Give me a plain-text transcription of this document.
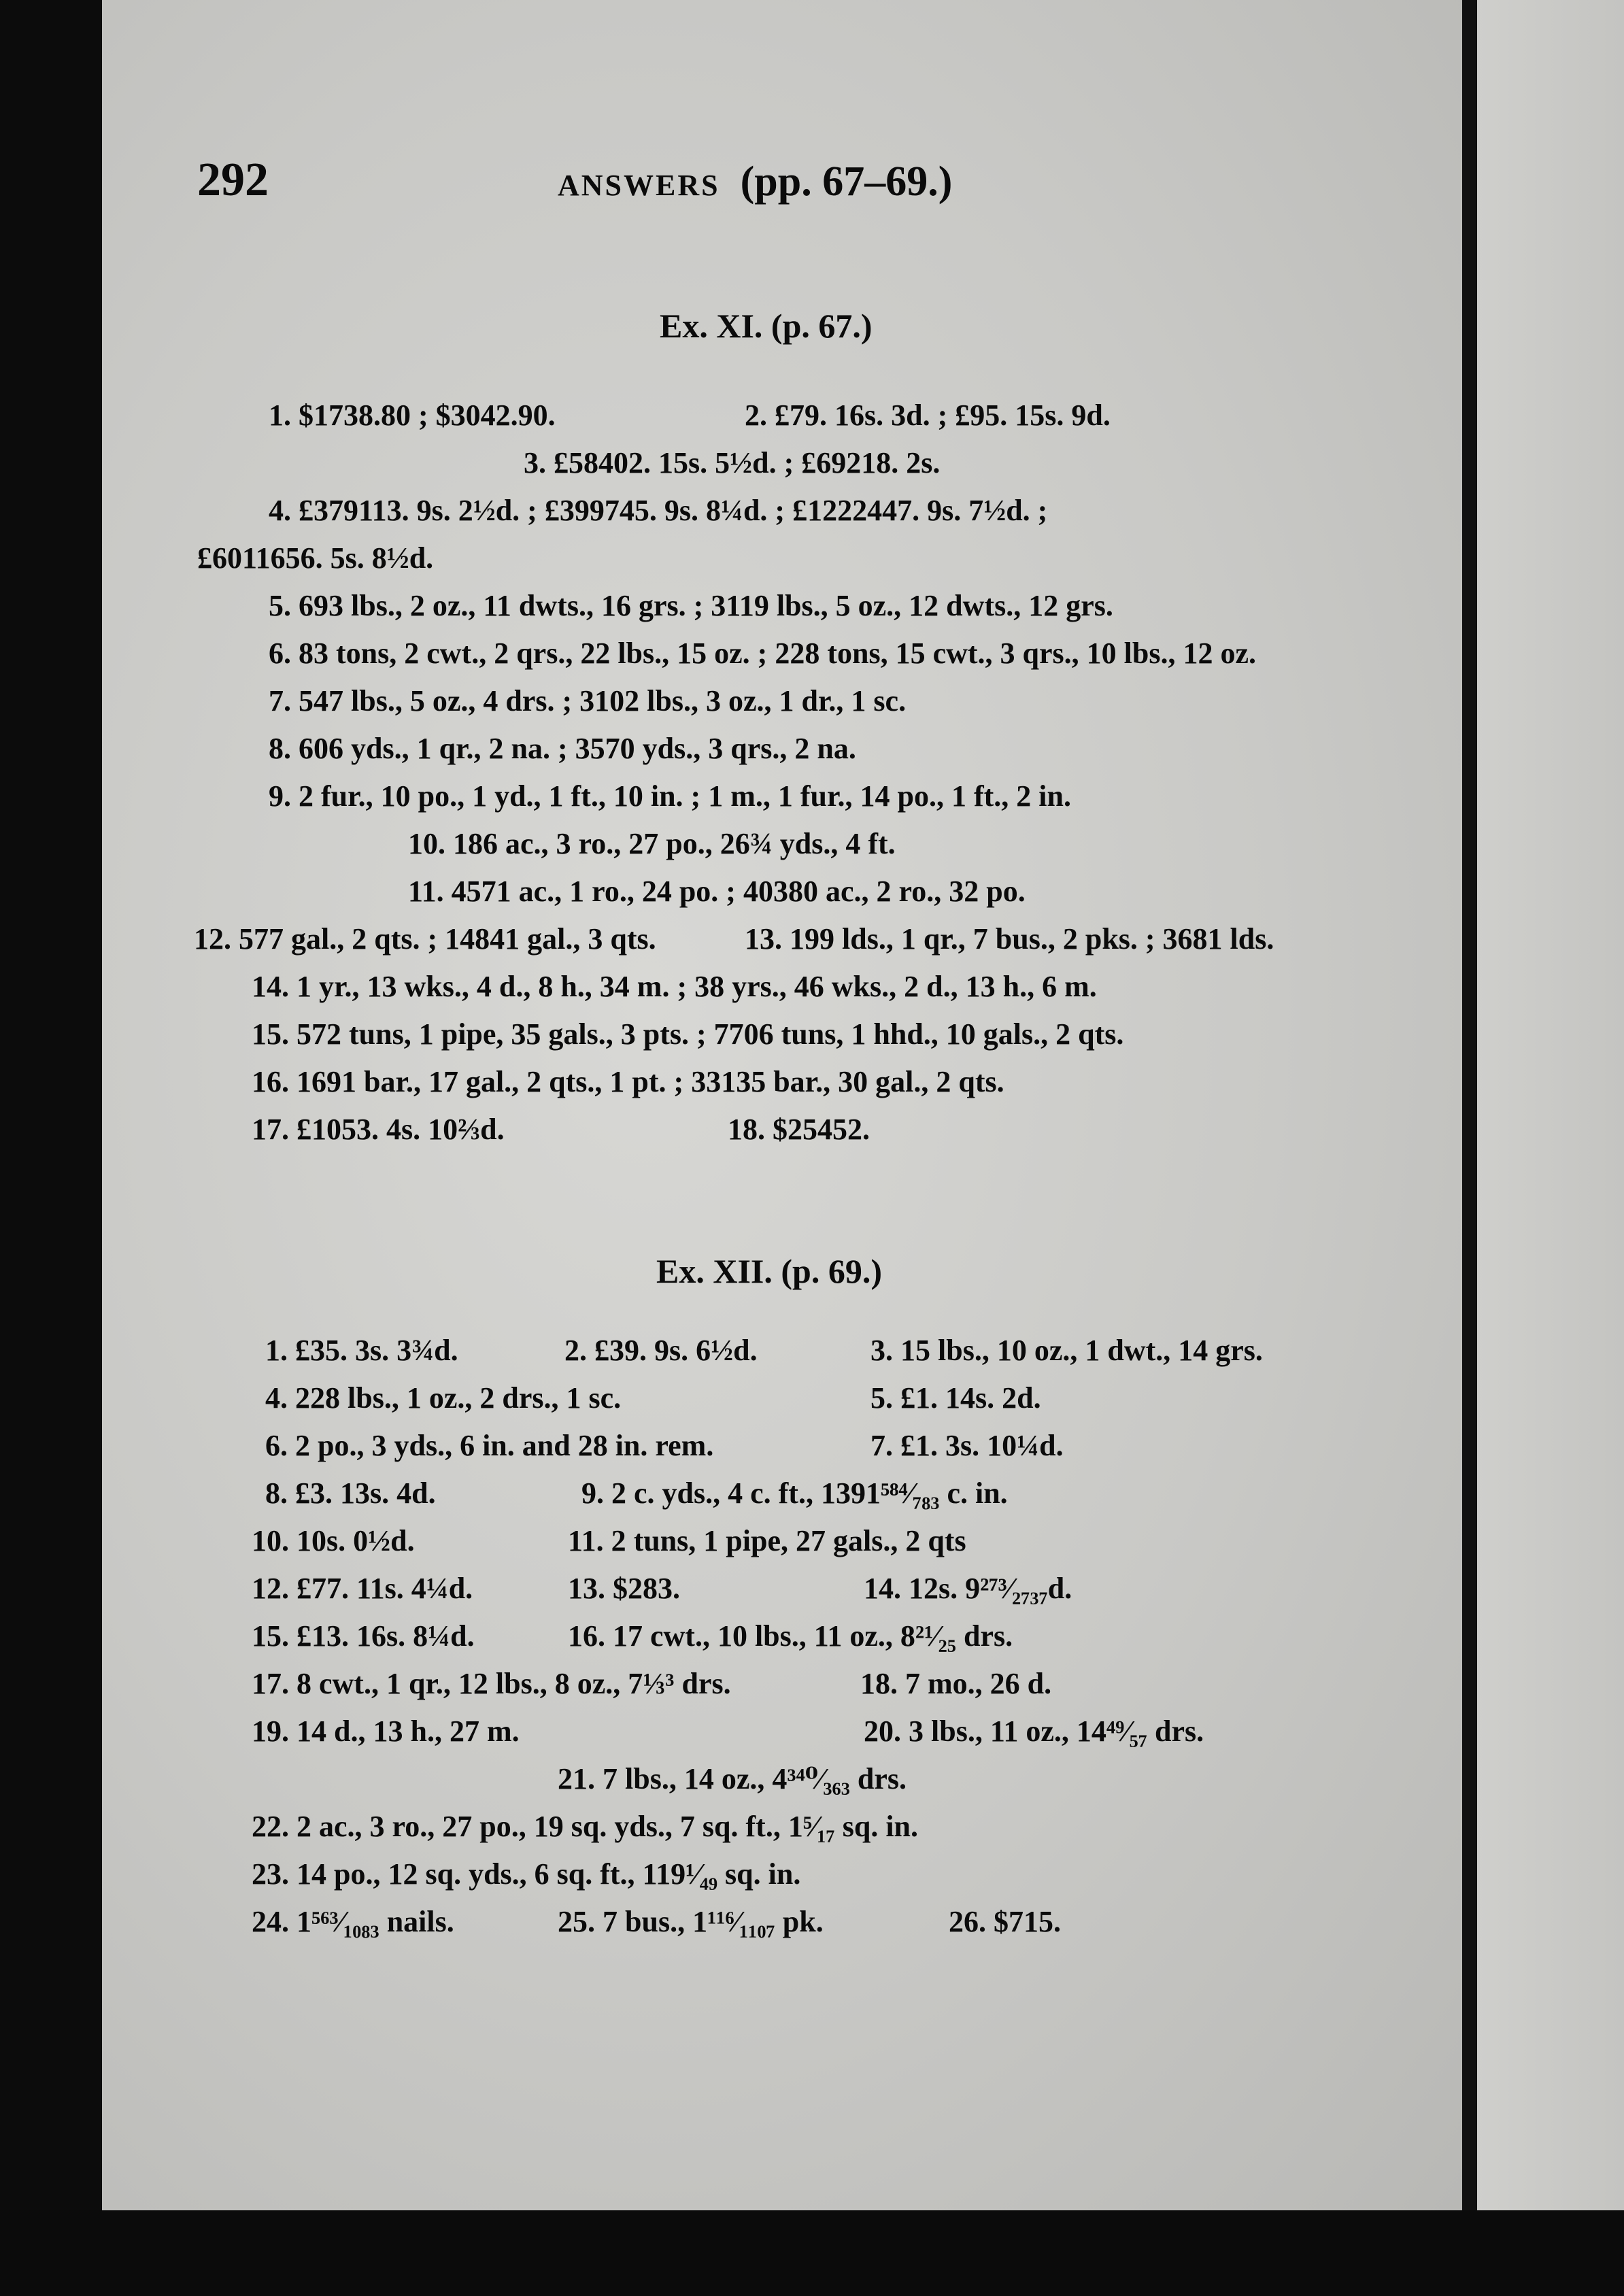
292	ANSWERS (pp. 67–69.)
Ex. XI. (p. 67.)
1. $1738.80 ; $3042.90.	2. £79. 16s. 3d. ; £95. 15s. 9d.
3. £58402. 15s. 5½d. ; £69218. 2s.
4. £379113. 9s. 2½d. ; £399745. 9s. 8¼d. ; £1222447. 9s. 7½d. ;
£6011656. 5s. 8½d.
5. 693 lbs., 2 oz., 11 dwts., 16 grs. ; 3119 lbs., 5 oz., 12 dwts., 12 grs.
6. 83 tons, 2 cwt., 2 qrs., 22 lbs., 15 oz. ; 228 tons, 15 cwt., 3 qrs., 10 lbs., 12 oz.
7. 547 lbs., 5 oz., 4 drs. ; 3102 lbs., 3 oz., 1 dr., 1 sc.
8. 606 yds., 1 qr., 2 na. ; 3570 yds., 3 qrs., 2 na.
9. 2 fur., 10 po., 1 yd., 1 ft., 10 in. ; 1 m., 1 fur., 14 po., 1 ft., 2 in.
10. 186 ac., 3 ro., 27 po., 26¾ yds., 4 ft.
11. 4571 ac., 1 ro., 24 po. ; 40380 ac., 2 ro., 32 po.
12. 577 gal., 2 qts. ; 14841 gal., 3 qts.	13. 199 lds., 1 qr., 7 bus., 2 pks. ; 3681 lds.
14. 1 yr., 13 wks., 4 d., 8 h., 34 m. ; 38 yrs., 46 wks., 2 d., 13 h., 6 m.
15. 572 tuns, 1 pipe, 35 gals., 3 pts. ; 7706 tuns, 1 hhd., 10 gals., 2 qts.
16. 1691 bar., 17 gal., 2 qts., 1 pt. ; 33135 bar., 30 gal., 2 qts.
17. £1053. 4s. 10⅔d.	18. $25452.
Ex. XII. (p. 69.)
1. £35. 3s. 3¾d.	2. £39. 9s. 6½d.	3. 15 lbs., 10 oz., 1 dwt., 14 grs.
4. 228 lbs., 1 oz., 2 drs., 1 sc.	5. £1. 14s. 2d.
6. 2 po., 3 yds., 6 in. and 28 in. rem.	7. £1. 3s. 10¼d.
8. £3. 13s. 4d.	9. 2 c. yds., 4 c. ft., 1391⁵⁸⁴⁄₇₈₃ c. in.
10. 10s. 0½d.	11. 2 tuns, 1 pipe, 27 gals., 2 qts
12. £77. 11s. 4¼d.	13. $283.	14. 12s. 9²⁷³⁄₂₇₃₇d.
15. £13. 16s. 8¼d.	16. 17 cwt., 10 lbs., 11 oz., 8²¹⁄₂₅ drs.
17. 8 cwt., 1 qr., 12 lbs., 8 oz., 7⅓³ drs.	18. 7 mo., 26 d.
19. 14 d., 13 h., 27 m.	20. 3 lbs., 11 oz., 14⁴⁹⁄₅₇ drs.
21. 7 lbs., 14 oz., 4³⁴⁰⁄₃₆₃ drs.
22. 2 ac., 3 ro., 27 po., 19 sq. yds., 7 sq. ft., 1⁵⁄₁₇ sq. in.
23. 14 po., 12 sq. yds., 6 sq. ft., 119¹⁄₄₉ sq. in.
24. 1⁵⁶³⁄₁₀₈₃ nails.	25. 7 bus., 1¹¹⁶⁄₁₁₀₇ pk.	26. $715.
